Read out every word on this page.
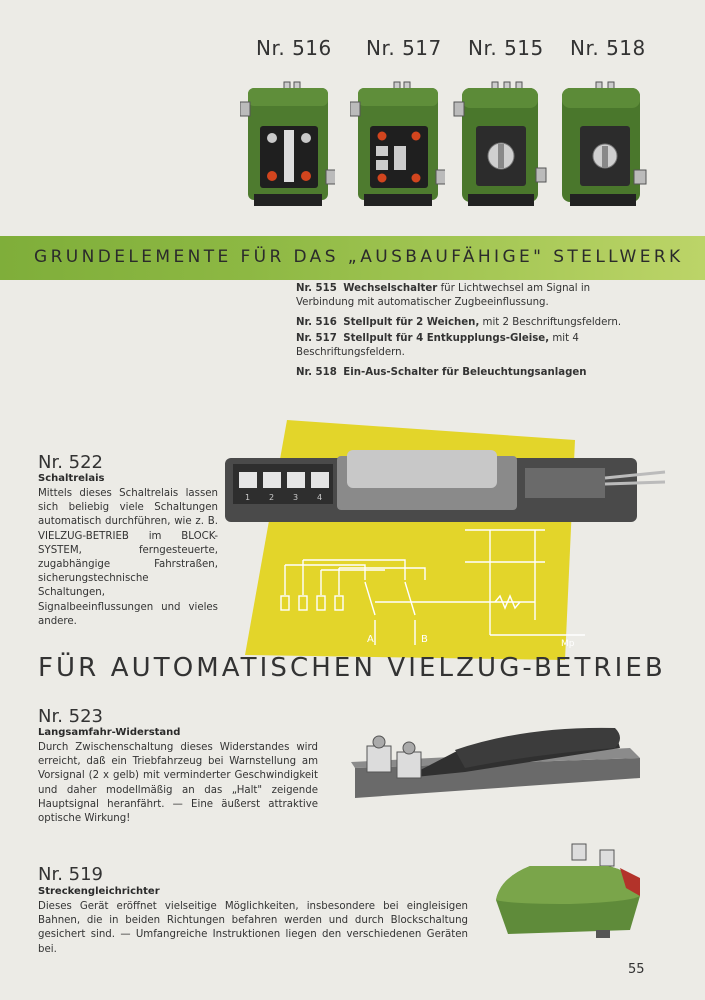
Nr. 516 Nr. 517 Nr. 515 Nr. 518
GRUNDELEMENTE FÜR DAS „AUSBAUFÄHIGE" STELLWERK
Nr. 515 Wechselschalter für Lichtwechsel am Signal in Verbindung mit automatischer Zugbeeinflussung.
Nr. 516 Stellpult für 2 Weichen, mit 2 Beschriftungsfeldern.
Nr. 517 Stellpult für 4 Entkupplungs-Gleise, mit 4 Beschriftungsfeldern.
Nr. 518 Ein-Aus-Schalter für Beleuchtungsanlagen
1 2 3 4
A	B	Mp
Nr. 522
Schaltrelais
Mittels dieses Schaltrelais lassen sich beliebig viele Schaltungen automatisch durchführen, wie z. B. VIELZUG-BETRIEB im BLOCK-SYSTEM, ferngesteuerte, zugabhängige Fahrstraßen, sicherungstechnische Schaltungen, Signalbeeinflussungen und vieles andere.
FÜR AUTOMATISCHEN VIELZUG-BETRIEB
Nr. 523
Langsamfahr-Widerstand
Durch Zwischenschaltung dieses Widerstandes wird erreicht, daß ein Triebfahrzeug bei Warnstellung am Vorsignal (2 x gelb) mit verminderter Geschwindigkeit und daher modellmäßig an das „Halt" zeigende Hauptsignal heranfährt. — Eine äußerst attraktive optische Wirkung!
Nr. 519
Streckengleichrichter
Dieses Gerät eröffnet vielseitige Möglichkeiten, insbesondere bei eingleisigen Bahnen, die in beiden Richtungen befahren werden und durch Blockschaltung gesichert sind. — Umfangreiche Instruktionen liegen den verschiedenen Geräten bei.
55
